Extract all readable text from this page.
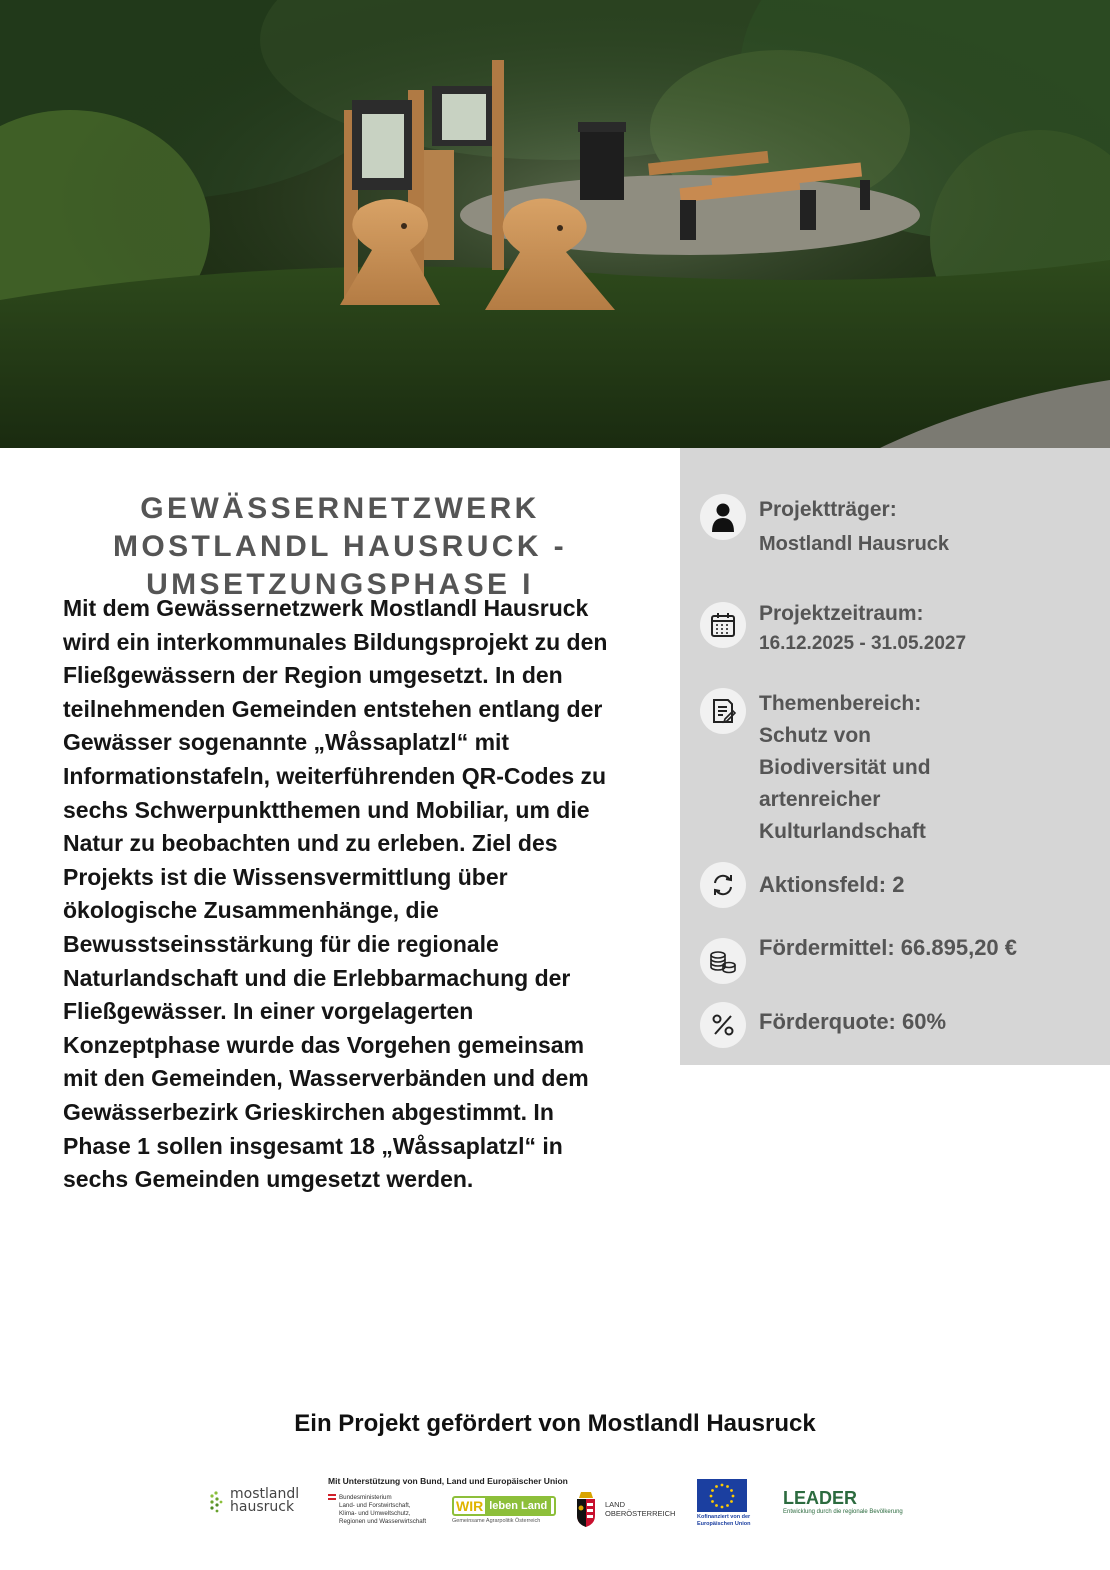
GEWÄSSERNETZWERK MOSTLANDL HAUSRUCK - UMSETZUNGSPHASE I
Mit dem Gewässernetzwerk Mostlandl Hausruck wird ein interkommunales Bildungsprojekt zu den Fließgewässern der Region umgesetzt. In den teilnehmenden Gemeinden entstehen entlang der Gewässer sogenannte „Wåssaplatzl“ mit Informationstafeln, weiterführenden QR-Codes zu sechs Schwerpunktthemen und Mobiliar, um die Natur zu beobachten und zu erleben. Ziel des Projekts ist die Wissensvermittlung über ökologische Zusammenhänge, die Bewusstseinsstärkung für die regionale Naturlandschaft und die Erlebbarmachung der Fließgewässer. In einer vorgelagerten Konzeptphase wurde das Vorgehen gemeinsam mit den Gemeinden, Wasserverbänden und dem Gewässerbezirk Grieskirchen abgestimmt. In Phase 1 sollen insgesamt 18 „Wåssaplatzl“ in sechs Gemeinden umgesetzt werden.
Projektträger:
Mostlandl Hausruck
Projektzeitraum:
16.12.2025 - 31.05.2027
Themenbereich:
Schutz von Biodiversität und artenreicher Kulturlandschaft
Aktionsfeld: 2
Fördermittel: 66.895,20 €
Förderquote: 60%
Ein Projekt gefördert von Mostlandl Hausruck
Mit Unterstützung von Bund, Land und Europäischer Union
mostlandl
hausruck
Bundesministerium
Land- und Forstwirtschaft,
Klima- und Umweltschutz,
Regionen und Wasserwirtschaft
WIR leben Land
Gemeinsame Agrarpolitik Österreich
LAND
OBERÖSTERREICH	Kofinanziert von der
Europäischen Union
LEADER
Entwicklung durch die regionale Bevölkerung
